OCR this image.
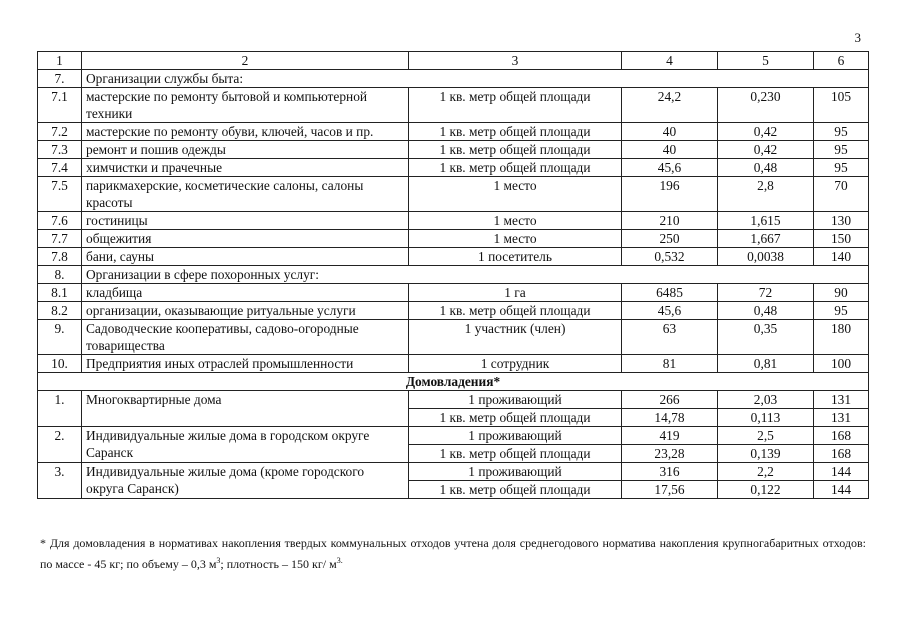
3
1	2	3	4	5	6
7.	Организации службы быта:				
7.1	мастерские по ремонту бытовой и компьютерной техники	1 кв. метр общей площади	24,2	0,230	105
7.2	мастерские по ремонту обуви, ключей, часов и пр.	1 кв. метр общей площади	40	0,42	95
7.3	ремонт и пошив одежды	1 кв. метр общей площади	40	0,42	95
7.4	химчистки и прачечные	1 кв. метр общей площади	45,6	0,48	95
7.5	парикмахерские, косметические салоны, салоны красоты	1 место	196	2,8	70
7.6	гостиницы	1 место	210	1,615	130
7.7	общежития	1 место	250	1,667	150
7.8	бани, сауны	1 посетитель	0,532	0,0038	140
8.	Организации в сфере похоронных услуг:				
8.1	кладбища	1 га	6485	72	90
8.2	организации, оказывающие ритуальные услуги	1 кв. метр общей площади	45,6	0,48	95
9.	Садоводческие кооперативы, садово-огородные товарищества	1 участник (член)	63	0,35	180
10.	Предприятия иных отраслей промышленности	1 сотрудник	81	0,81	100
Домовладения*					
1.	Многоквартирные дома	1 проживающий	266	2,03	131
		1 кв. метр общей площади	14,78	0,113	131
2.	Индивидуальные жилые дома в городском округе Саранск	1 проживающий	419	2,5	168
		1 кв. метр общей площади	23,28	0,139	168
3.	Индивидуальные жилые дома (кроме городского округа Саранск)	1 проживающий	316	2,2	144
		1 кв. метр общей площади	17,56	0,122	144
* Для домовладения в нормативах накопления твердых коммунальных отходов учтена доля среднегодового норматива накопления крупногабаритных отходов: по массе - 45 кг; по объему – 0,3 $м^3$; плотность – 150 кг/ $м^{3.}$
